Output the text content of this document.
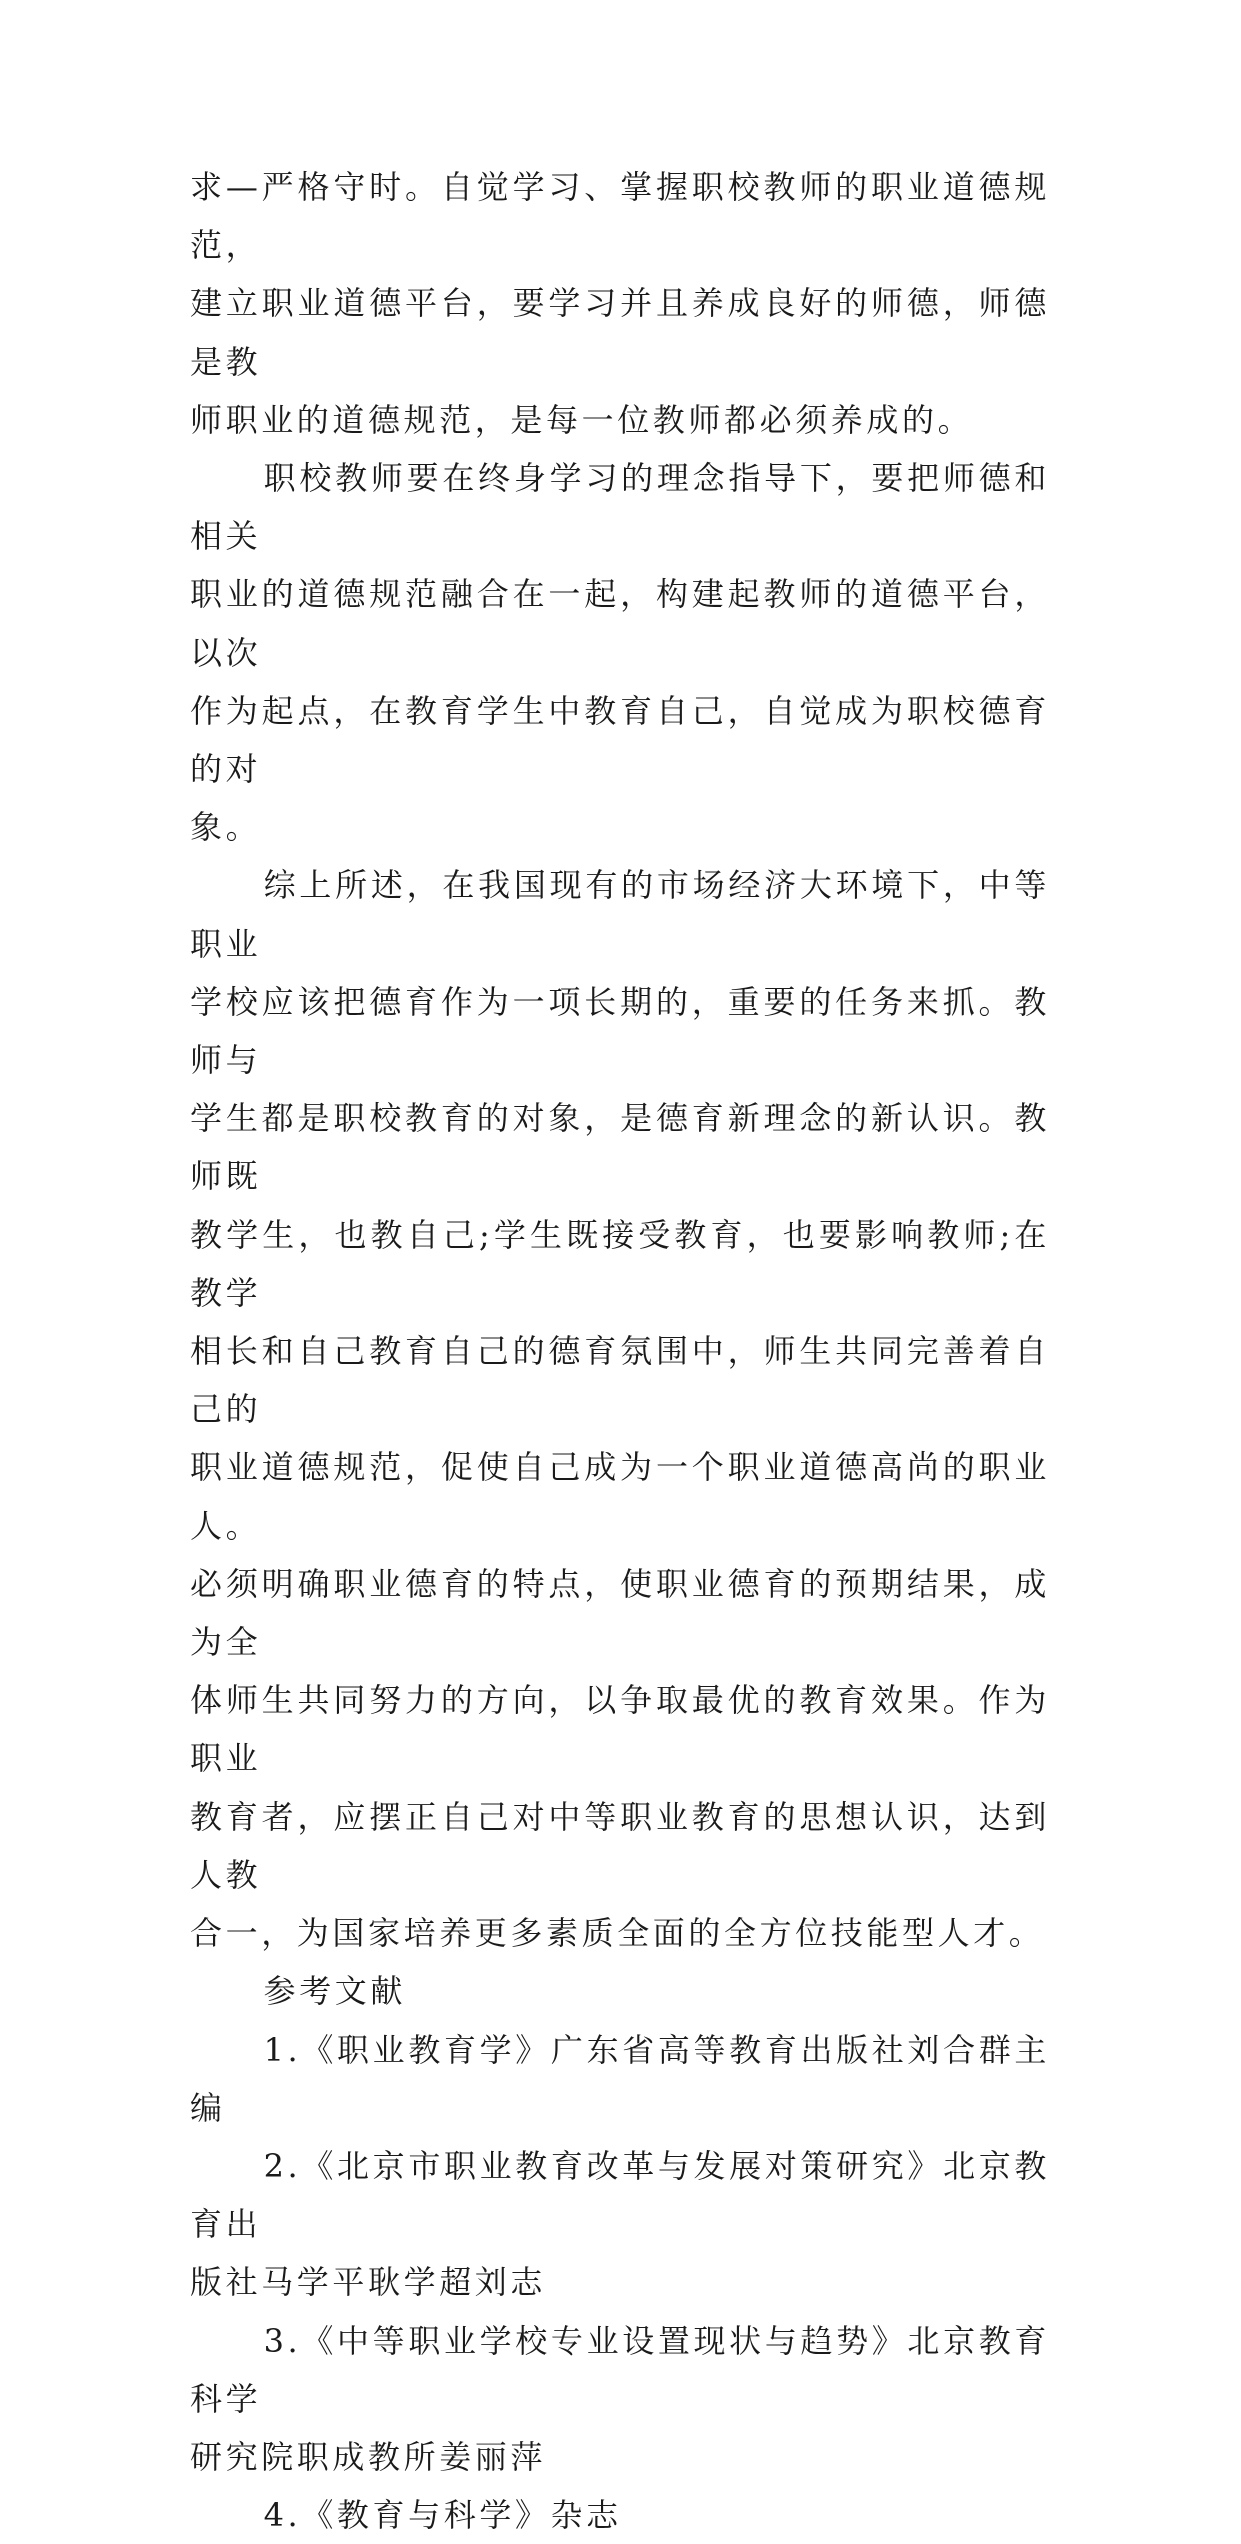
求—严格守时。自觉学习、掌握职校教师的职业道德规范，
建立职业道德平台，要学习并且养成良好的师德，师德是教
师职业的道德规范，是每一位教师都必须养成的。
职校教师要在终身学习的理念指导下，要把师德和相关
职业的道德规范融合在一起，构建起教师的道德平台，以次
作为起点，在教育学生中教育自己，自觉成为职校德育的对
象。
综上所述，在我国现有的市场经济大环境下，中等职业
学校应该把德育作为一项长期的，重要的任务来抓。教师与
学生都是职校教育的对象，是德育新理念的新认识。教师既
教学生，也教自己;学生既接受教育，也要影响教师;在教学
相长和自己教育自己的德育氛围中，师生共同完善着自己的
职业道德规范，促使自己成为一个职业道德高尚的职业人。
必须明确职业德育的特点，使职业德育的预期结果，成为全
体师生共同努力的方向，以争取最优的教育效果。作为职业
教育者，应摆正自己对中等职业教育的思想认识，达到人教
合一，为国家培养更多素质全面的全方位技能型人才。
参考文献
1.《职业教育学》广东省高等教育出版社刘合群主编
2.《北京市职业教育改革与发展对策研究》北京教育出
版社马学平耿学超刘志
3.《中等职业学校专业设置现状与趋势》北京教育科学
研究院职成教所姜丽萍
4.《教育与科学》杂志
